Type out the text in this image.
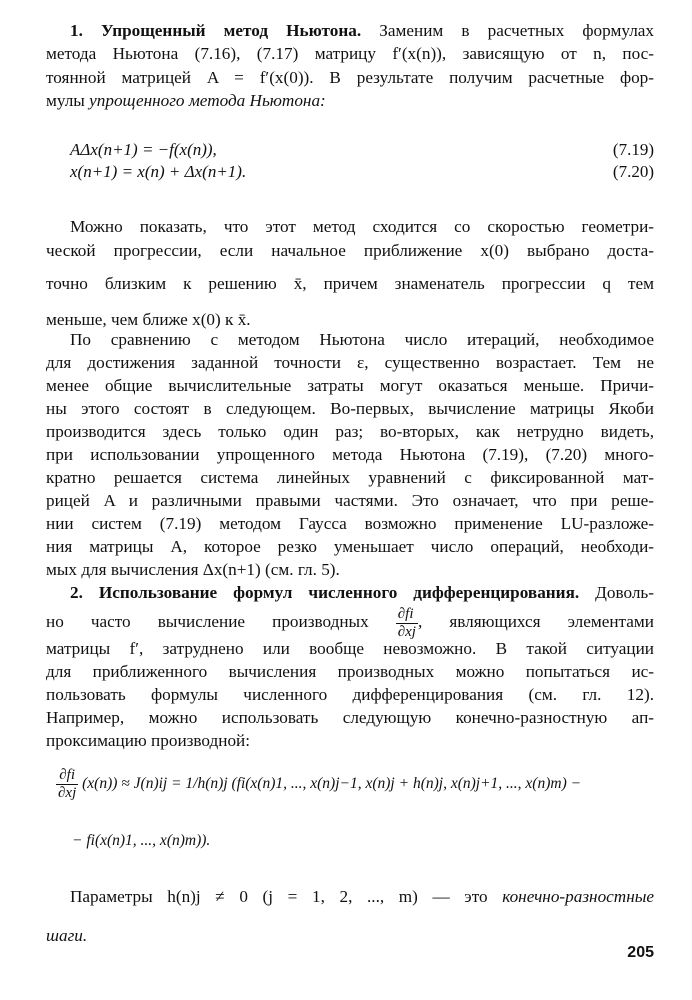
1. Упрощенный метод Ньютона. Заменим в расчетных формулах
метода Ньютона (7.16), (7.17) матрицу f′(x(n)), зависящую от n, пос-
тоянной матрицей A = f′(x(0)). В результате получим расчетные фор-
мулы упрощенного метода Ньютона:
AΔx(n+1) = −f(x(n)),	(7.19)
x(n+1) = x(n) + Δx(n+1).	(7.20)
Можно показать, что этот метод сходится со скоростью геометри-
ческой прогрессии, если начальное приближение x(0) выбрано доста-
точно близким к решению x̄, причем знаменатель прогрессии q тем
меньше, чем ближе x(0) к x̄.
По сравнению с методом Ньютона число итераций, необходимое
для достижения заданной точности ε, существенно возрастает. Тем не
менее общие вычислительные затраты могут оказаться меньше. Причи-
ны этого состоят в следующем. Во-первых, вычисление матрицы Якоби
производится здесь только один раз; во-вторых, как нетрудно видеть,
при использовании упрощенного метода Ньютона (7.19), (7.20) много-
кратно решается система линейных уравнений с фиксированной мат-
рицей A и различными правыми частями. Это означает, что при реше-
нии систем (7.19) методом Гаусса возможно применение LU-разложе-
ния матрицы A, которое резко уменьшает число операций, необходи-
мых для вычисления Δx(n+1) (см. гл. 5).
2. Использование формул численного дифференцирования. Доволь-
но часто вычисление производных $\frac{\partial fi}{\partial xj}$ , являющихся элементами
матрицы f′, затруднено или вообще невозможно. В такой ситуации
для приближенного вычисления производных можно попытаться ис-
пользовать формулы численного дифференцирования (см. гл. 12).
Например, можно использовать следующую конечно-разностную ап-
проксимацию производной:
$\frac{\partial fi}{\partial xj} (x(n)) \approx J(n)ij = 1/h(n)j$ (fi(x(n)1, ..., x(n)j−1, x(n)j + h(n)j, x(n)j+1, ..., x(n)m) −
− fi(x(n)1, ..., x(n)m)).
Параметры h(n)j ≠ 0 (j = 1, 2, ..., m) — это конечно-разностные
шаги.
205
